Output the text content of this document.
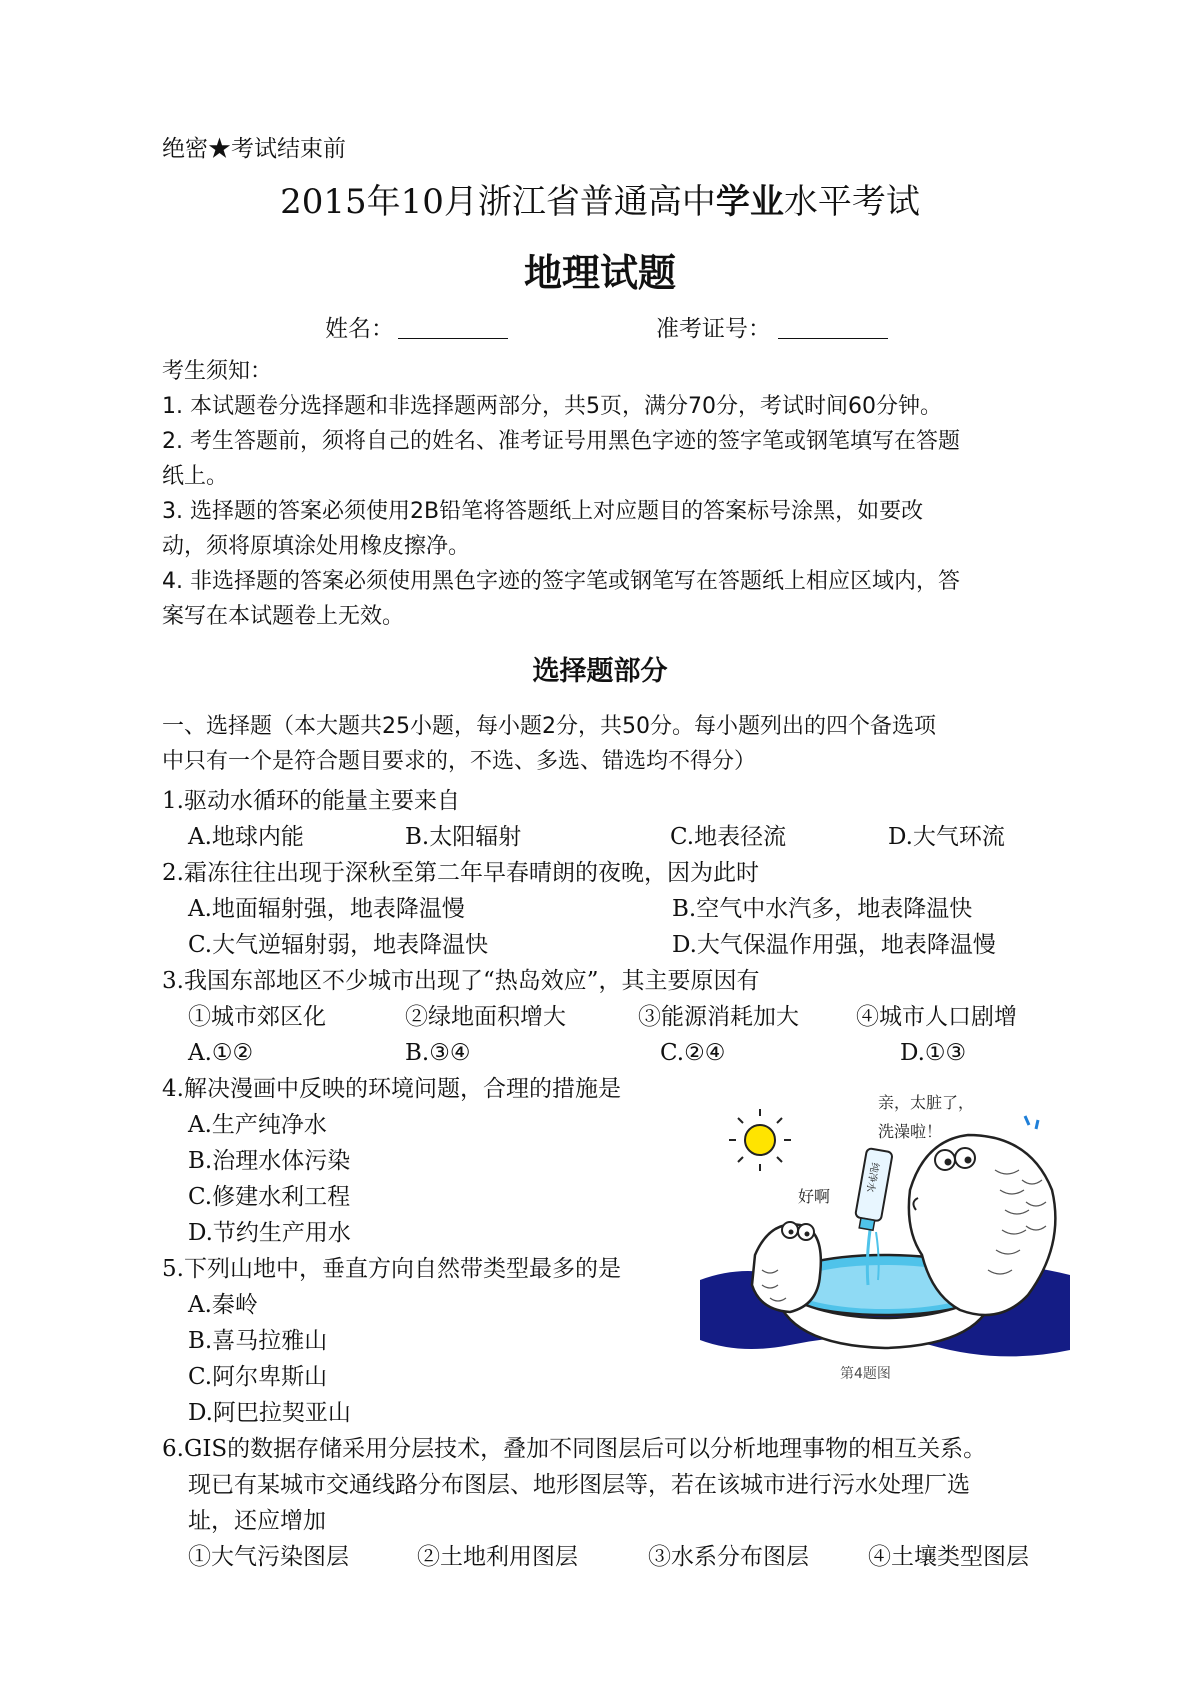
绝密★考试结束前
2015年10月浙江省普通高中学业水平考试
地理试题
姓名：	准考证号：
考生须知：
1. 本试题卷分选择题和非选择题两部分，共5页，满分70分，考试时间60分钟。
2. 考生答题前，须将自己的姓名、准考证号用黑色字迹的签字笔或钢笔填写在答题
纸上。
3. 选择题的答案必须使用2B铅笔将答题纸上对应题目的答案标号涂黑，如要改
动，须将原填涂处用橡皮擦净。
4. 非选择题的答案必须使用黑色字迹的签字笔或钢笔写在答题纸上相应区域内，答
案写在本试题卷上无效。
选择题部分
一、选择题（本大题共25小题，每小题2分，共50分。每小题列出的四个备选项
中只有一个是符合题目要求的，不选、多选、错选均不得分）
1.驱动水循环的能量主要来自
A.地球内能	B.太阳辐射	C.地表径流	D.大气环流
2.霜冻往往出现于深秋至第二年早春晴朗的夜晚，因为此时
A.地面辐射强，地表降温慢	B.空气中水汽多，地表降温快
C.大气逆辐射弱，地表降温快	D.大气保温作用强，地表降温慢
3.我国东部地区不少城市出现了“热岛效应”，其主要原因有
①城市郊区化	②绿地面积增大	③能源消耗加大 ④城市人口剧增
A.①②	B.③④	C.②④	D.①③
4.解决漫画中反映的环境问题，合理的措施是
A.生产纯净水
B.治理水体污染
C.修建水利工程
D.节约生产用水
5.下列山地中，垂直方向自然带类型最多的是
A.秦岭
B.喜马拉雅山
C.阿尔卑斯山
D.阿巴拉契亚山
6.GIS的数据存储采用分层技术，叠加不同图层后可以分析地理事物的相互关系。
现已有某城市交通线路分布图层、地形图层等，若在该城市进行污水处理厂选
址，还应增加
①大气污染图层	②土地利用图层	③水系分布图层	④土壤类型图层
亲，太脏了，
洗澡啦！
好啊
纯净水
第4题图
